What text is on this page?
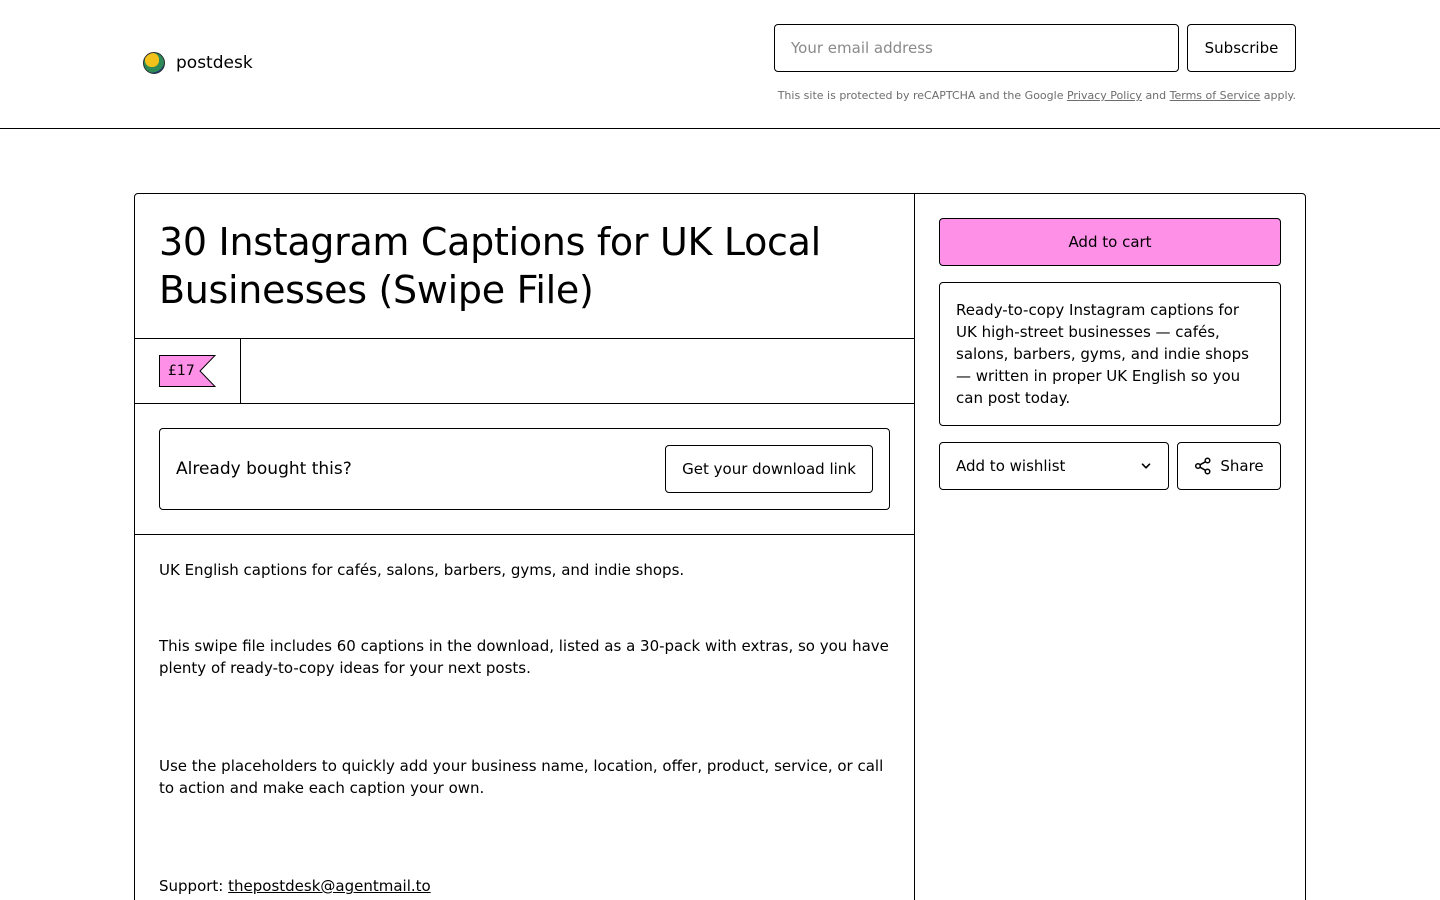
postdesk
Your email address
Subscribe
This site is protected by reCAPTCHA and the Google Privacy Policy and Terms of Service apply.
30 Instagram Captions for UK Local Businesses (Swipe File)
£17
Already bought this?	Get your download link

UK English captions for cafés, salons, barbers, gyms, and indie shops.

This swipe file includes 60 captions in the download, listed as a 30-pack with extras, so you have plenty of ready-to-copy ideas for your next posts.

Use the placeholders to quickly add your business name, location, offer, product, service, or call to action and make each caption your own.

Support: thepostdesk@agentmail.to

Add to cart
Ready-to-copy Instagram captions for UK high-street businesses — cafés, salons, barbers, gyms, and indie shops — written in proper UK English so you can post today.
Add to wishlist	Share
